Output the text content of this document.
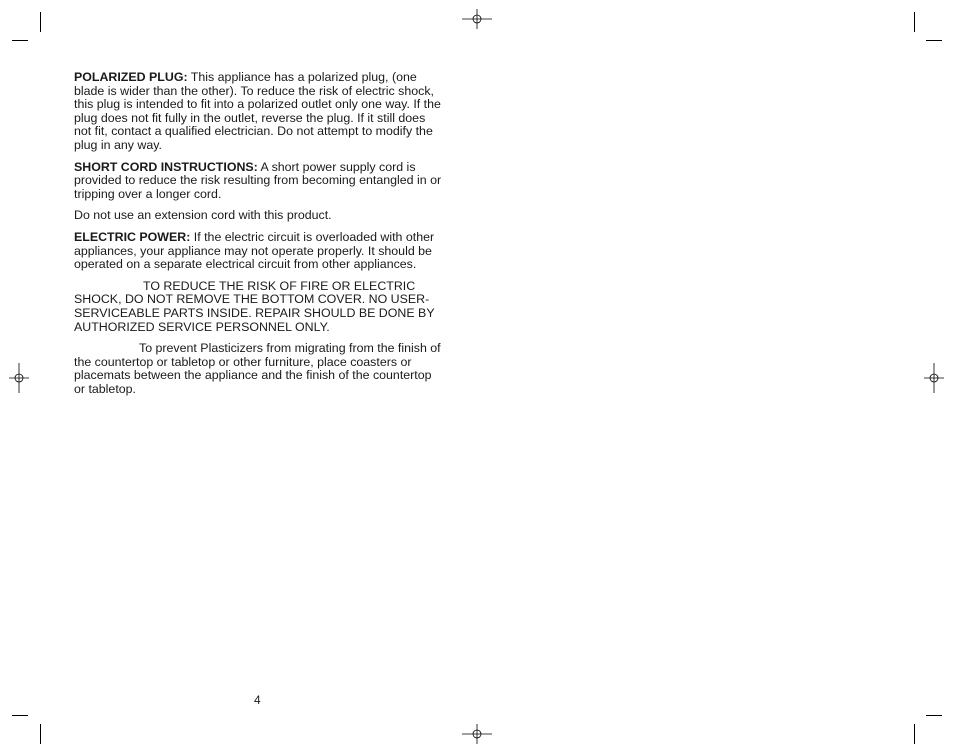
POLARIZED PLUG: This appliance has a polarized plug, (one blade is wider than the other). To reduce the risk of electric shock, this plug is intended to fit into a polarized outlet only one way. If the plug does not fit fully in the outlet, reverse the plug. If it still does not fit, contact a qualified electrician. Do not attempt to modify the plug in any way.

SHORT CORD INSTRUCTIONS: A short power supply cord is provided to reduce the risk resulting from becoming entangled in or tripping over a longer cord.

Do not use an extension cord with this product.

ELECTRIC POWER: If the electric circuit is overloaded with other appliances, your appliance may not operate properly. It should be operated on a separate electrical circuit from other appliances.

TO REDUCE THE RISK OF FIRE OR ELECTRIC SHOCK, DO NOT REMOVE THE BOTTOM COVER. NO USER-SERVICEABLE PARTS INSIDE. REPAIR SHOULD BE DONE BY AUTHORIZED SERVICE PERSONNEL ONLY.

To prevent Plasticizers from migrating from the finish of the countertop or tabletop or other furniture, place coasters or placemats between the appliance and the finish of the countertop or tabletop.

4
